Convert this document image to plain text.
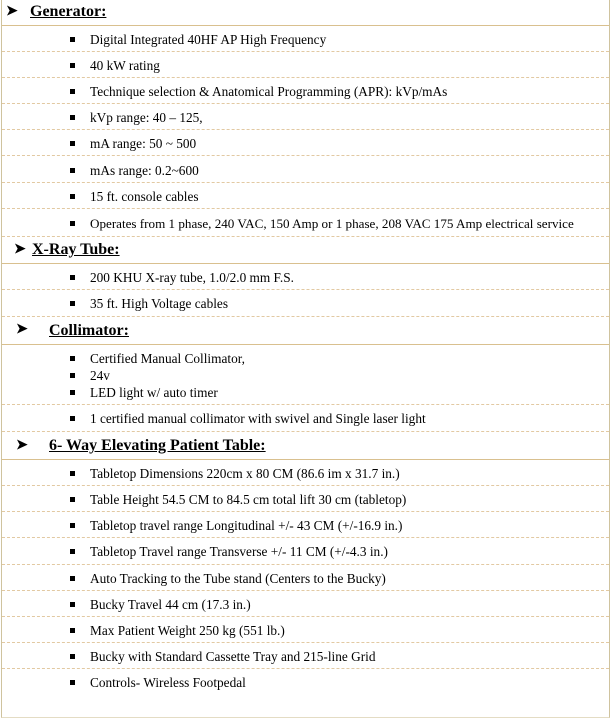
➤ Generator:
Digital Integrated 40HF AP High Frequency
40 kW rating
Technique selection & Anatomical Programming (APR): kVp/mAs
kVp range: 40 – 125,
mA range: 50 ~ 500
mAs range: 0.2~600
15 ft. console cables
Operates from 1 phase, 240 VAC, 150 Amp or 1 phase, 208 VAC 175 Amp electrical service
➤ X-Ray Tube:
200 KHU X-ray tube, 1.0/2.0 mm F.S.
35 ft. High Voltage cables
➤ Collimator:
Certified Manual Collimator,
24v
LED light w/ auto timer
1 certified manual collimator with swivel and Single laser light
➤ 6- Way Elevating Patient Table:
Tabletop Dimensions 220cm x 80 CM (86.6 im x 31.7 in.)
Table Height 54.5 CM to 84.5 cm total lift 30 cm (tabletop)
Tabletop travel range Longitudinal +/- 43 CM (+/-16.9 in.)
Tabletop Travel range Transverse +/- 11 CM (+/-4.3 in.)
Auto Tracking to the Tube stand (Centers to the Bucky)
Bucky Travel 44 cm (17.3 in.)
Max Patient Weight 250 kg (551 lb.)
Bucky with Standard Cassette Tray and 215-line Grid
Controls- Wireless Footpedal
